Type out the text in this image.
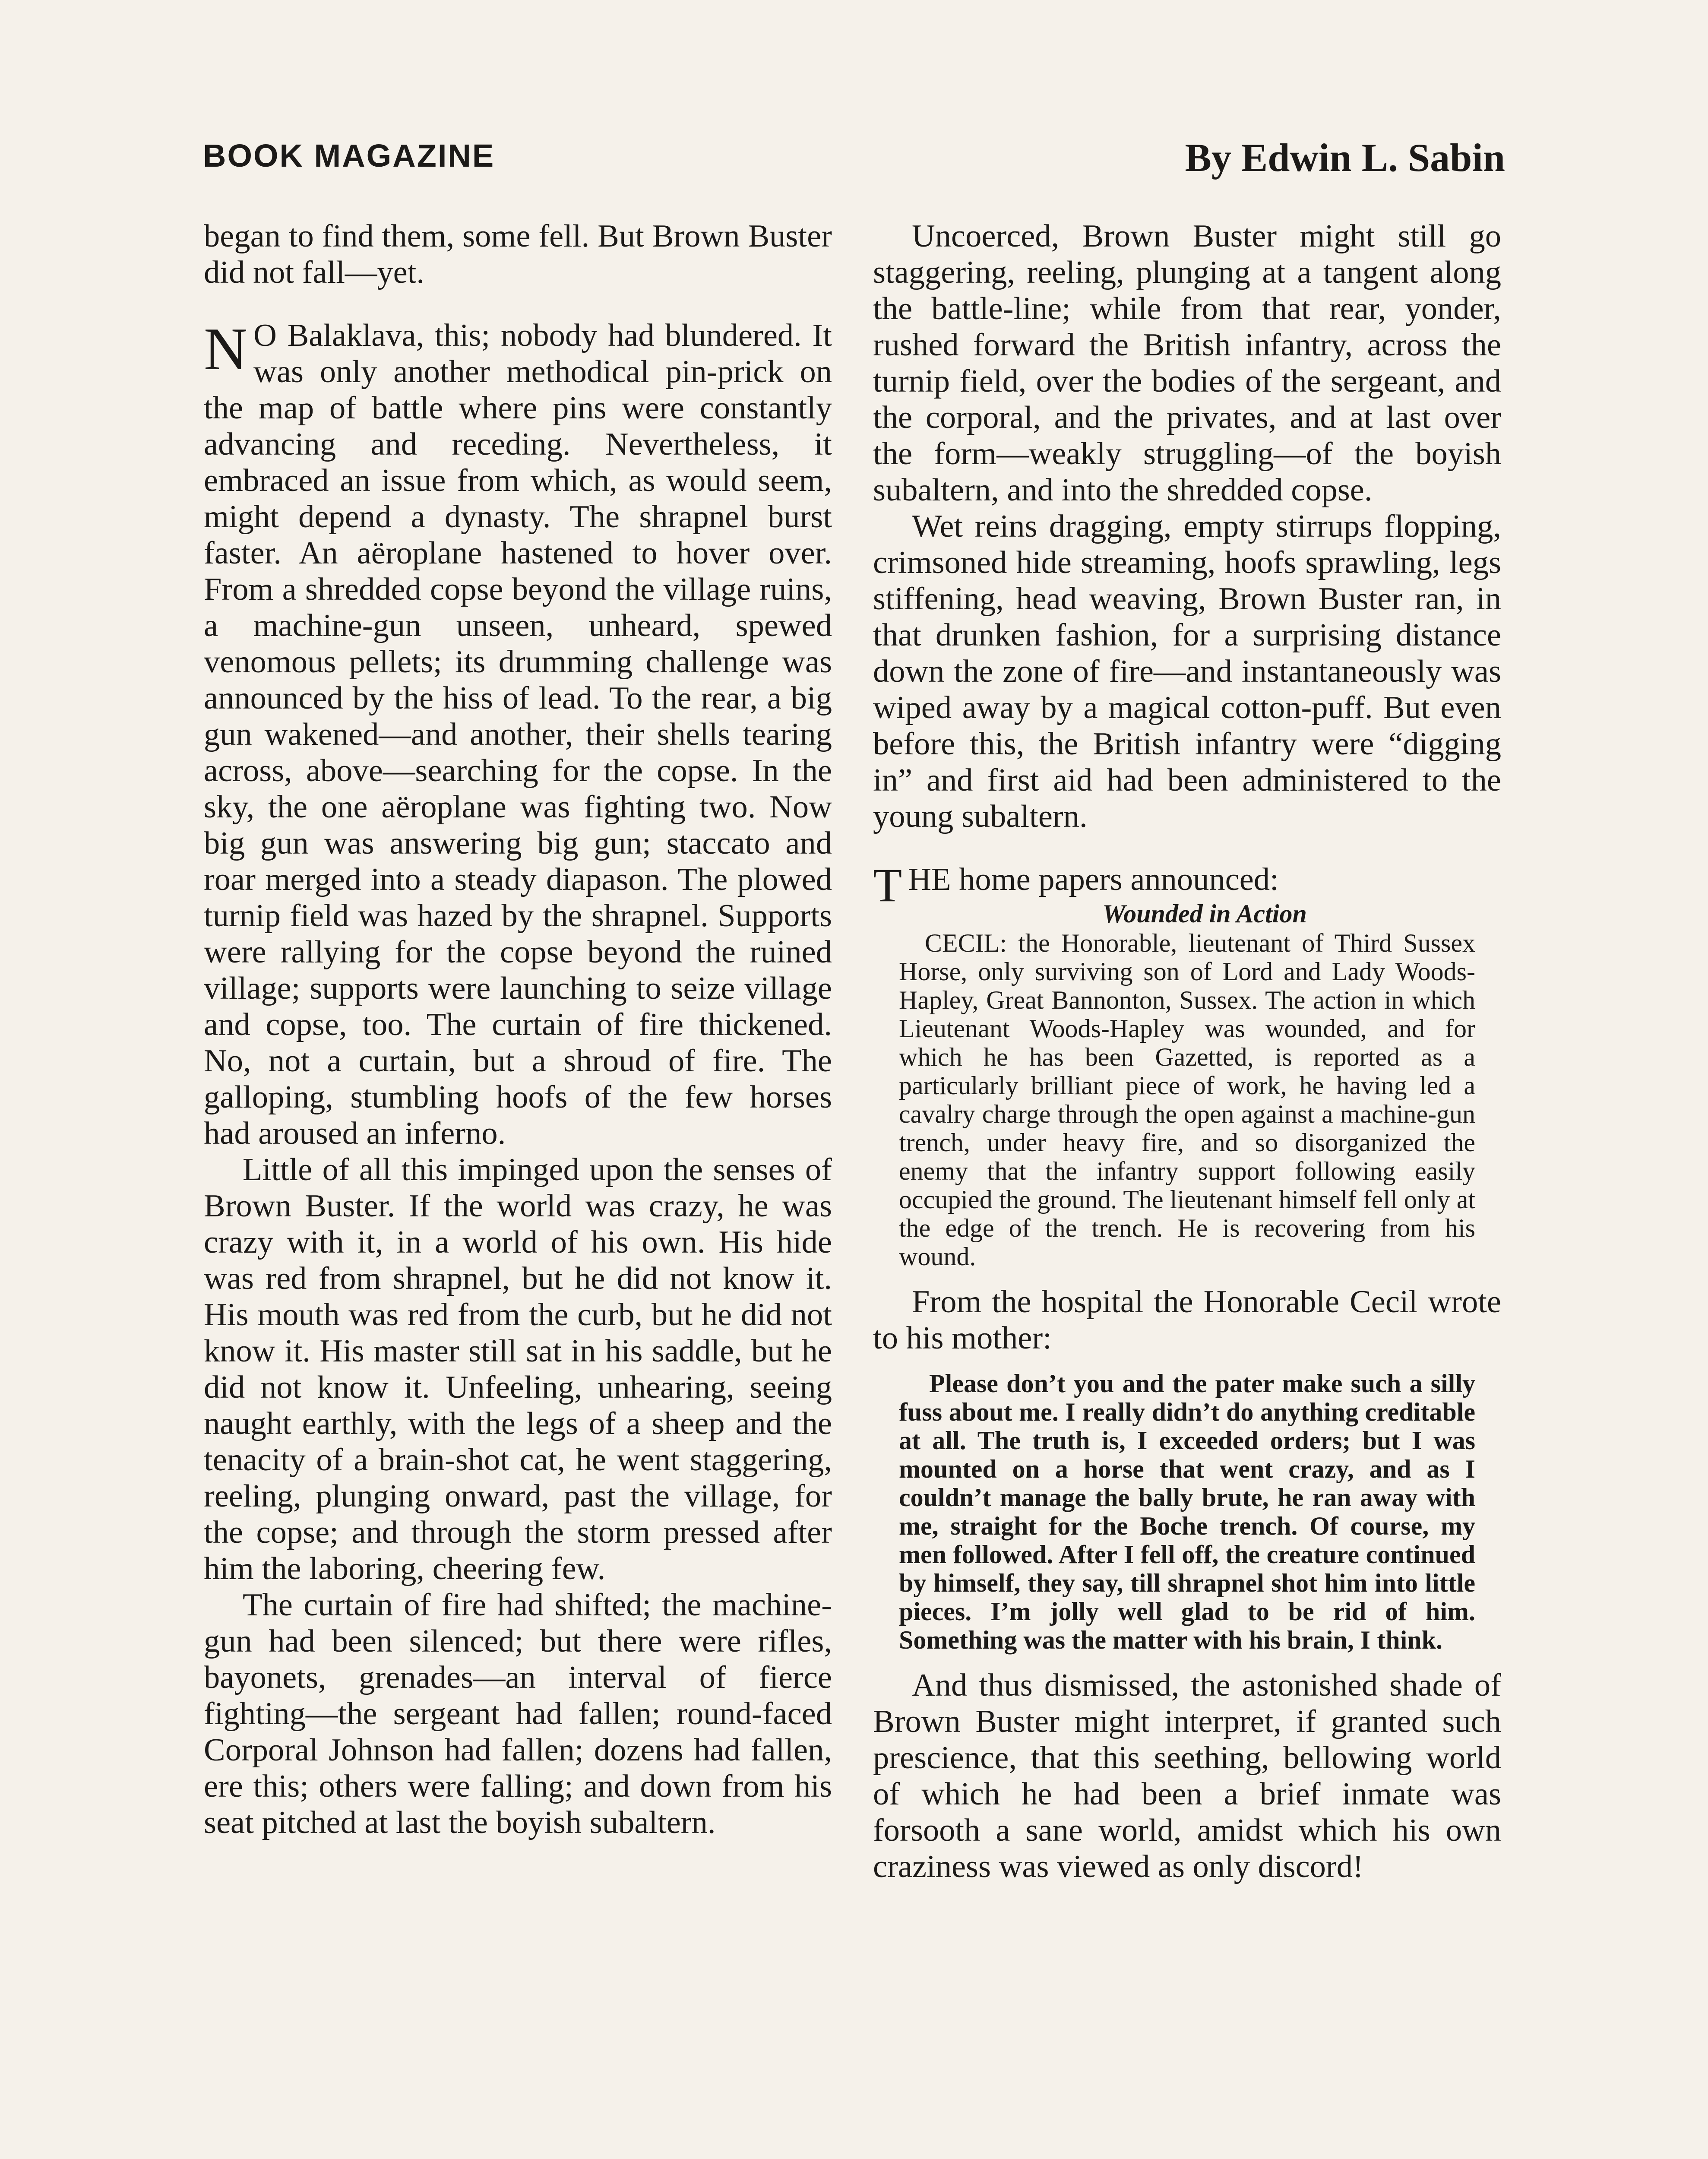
BOOK MAGAZINE	By Edwin L. Sabin

began to find them, some fell. But Brown Buster did not fall—yet.

N O Balaklava, this; nobody had blundered. It was only another methodical pin-prick on the map of battle where pins were constantly advancing and receding. Nevertheless, it embraced an issue from which, as would seem, might depend a dynasty. The shrapnel burst faster. An aëroplane hastened to hover over. From a shredded copse beyond the village ruins, a machine-gun unseen, unheard, spewed venomous pellets; its drumming challenge was announced by the hiss of lead. To the rear, a big gun wakened—and another, their shells tearing across, above—searching for the copse. In the sky, the one aëroplane was fighting two. Now big gun was answering big gun; staccato and roar merged into a steady diapason. The plowed turnip field was hazed by the shrapnel. Supports were rallying for the copse beyond the ruined village; supports were launching to seize village and copse, too. The curtain of fire thickened. No, not a curtain, but a shroud of fire. The galloping, stumbling hoofs of the few horses had aroused an inferno.

Little of all this impinged upon the senses of Brown Buster. If the world was crazy, he was crazy with it, in a world of his own. His hide was red from shrapnel, but he did not know it. His mouth was red from the curb, but he did not know it. His master still sat in his saddle, but he did not know it. Unfeeling, unhearing, seeing naught earthly, with the legs of a sheep and the tenacity of a brain-shot cat, he went staggering, reeling, plunging onward, past the village, for the copse; and through the storm pressed after him the laboring, cheering few.

The curtain of fire had shifted; the machine-gun had been silenced; but there were rifles, bayonets, grenades—an interval of fierce fighting—the sergeant had fallen; round-faced Corporal Johnson had fallen; dozens had fallen, ere this; others were falling; and down from his seat pitched at last the boyish subaltern.

Uncoerced, Brown Buster might still go staggering, reeling, plunging at a tangent along the battle-line; while from that rear, yonder, rushed forward the British infantry, across the turnip field, over the bodies of the sergeant, and the corporal, and the privates, and at last over the form—weakly struggling—of the boyish subaltern, and into the shredded copse.

Wet reins dragging, empty stirrups flopping, crimsoned hide streaming, hoofs sprawling, legs stiffening, head weaving, Brown Buster ran, in that drunken fashion, for a surprising distance down the zone of fire—and instantaneously was wiped away by a magical cotton-puff. But even before this, the British infantry were “digging in” and first aid had been administered to the young subaltern.

T HE home papers announced:

Wounded in Action

CECIL: the Honorable, lieutenant of Third Sussex Horse, only surviving son of Lord and Lady Woods-Hapley, Great Bannonton, Sussex. The action in which Lieutenant Woods-Hapley was wounded, and for which he has been Gazetted, is reported as a particularly brilliant piece of work, he having led a cavalry charge through the open against a machine-gun trench, under heavy fire, and so disorganized the enemy that the infantry support following easily occupied the ground. The lieutenant himself fell only at the edge of the trench. He is recovering from his wound.

From the hospital the Honorable Cecil wrote to his mother:

Please don’t you and the pater make such a silly fuss about me. I really didn’t do anything creditable at all. The truth is, I exceeded orders; but I was mounted on a horse that went crazy, and as I couldn’t manage the bally brute, he ran away with me, straight for the Boche trench. Of course, my men followed. After I fell off, the creature continued by himself, they say, till shrapnel shot him into little pieces. I’m jolly well glad to be rid of him. Something was the matter with his brain, I think.

And thus dismissed, the astonished shade of Brown Buster might interpret, if granted such prescience, that this seething, bellowing world of which he had been a brief inmate was forsooth a sane world, amidst which his own craziness was viewed as only discord!
